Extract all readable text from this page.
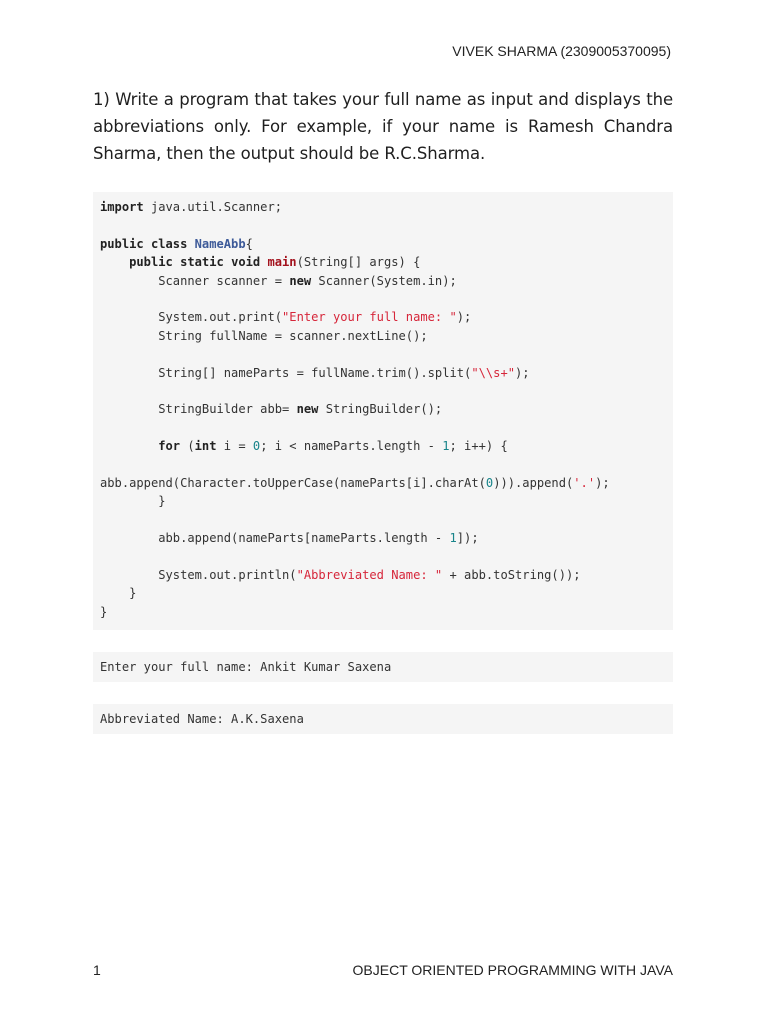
VIVEK SHARMA (2309005370095)
1) Write a program that takes your full name as input and displays the abbreviations only. For example, if your name is Ramesh Chandra Sharma, then the output should be R.C.Sharma.
import java.util.Scanner;

public class NameAbb{
public static void main(String[] args) {
Scanner scanner = new Scanner(System.in);

System.out.print("Enter your full name: ");
String fullName = scanner.nextLine();

String[] nameParts = fullName.trim().split("\\s+");

StringBuilder abb= new StringBuilder();

for (int i = 0; i < nameParts.length - 1; i++) {

abb.append(Character.toUpperCase(nameParts[i].charAt(0))).append('.');
}

abb.append(nameParts[nameParts.length - 1]);

System.out.println("Abbreviated Name: " + abb.toString());
}
}
Enter your full name: Ankit Kumar Saxena
Abbreviated Name: A.K.Saxena
1	OBJECT ORIENTED PROGRAMMING WITH JAVA
